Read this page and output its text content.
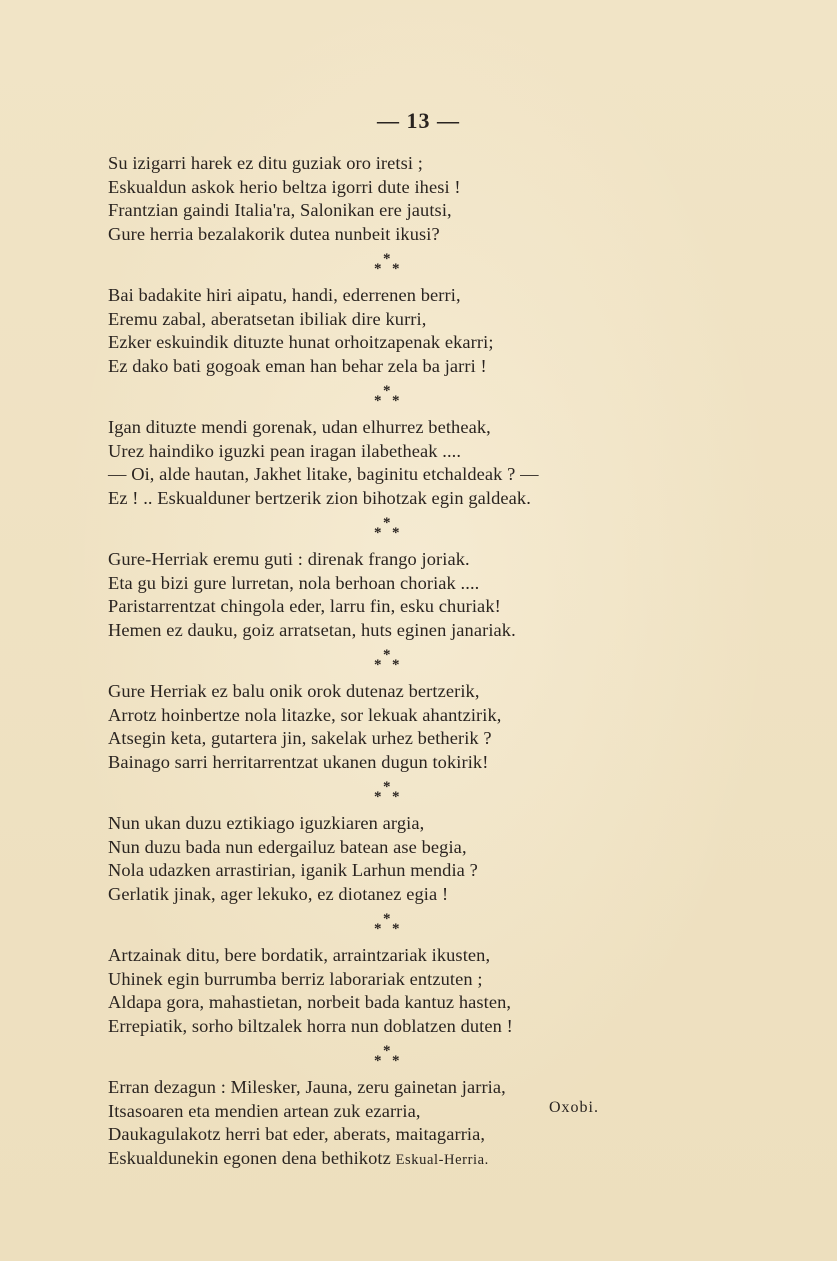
— 13 —
Su izigarri harek ez ditu guziak oro iretsi ;
Eskualdun askok herio beltza igorri dute ihesi !
Frantzian gaindi Italia'ra, Salonikan ere jautsi,
Gure herria bezalakorik dutea nunbeit ikusi?
*
* *
Bai badakite hiri aipatu, handi, ederrenen berri,
Eremu zabal, aberatsetan ibiliak dire kurri,
Ezker eskuindik dituzte hunat orhoitzapenak ekarri;
Ez dako bati gogoak eman han behar zela ba jarri !
*
* *
Igan dituzte mendi gorenak, udan elhurrez betheak,
Urez haindiko iguzki pean iragan ilabetheak ....
— Oi, alde hautan, Jakhet litake, baginitu etchaldeak ? —
Ez ! .. Eskualduner bertzerik zion bihotzak egin galdeak.
*
* *
Gure-Herriak eremu guti : direnak frango joriak.
Eta gu bizi gure lurretan, nola berhoan choriak ....
Paristarrentzat chingola eder, larru fin, esku churiak!
Hemen ez dauku, goiz arratsetan, huts eginen janariak.
*
* *
Gure Herriak ez balu onik orok dutenaz bertzerik,
Arrotz hoinbertze nola litazke, sor lekuak ahantzirik,
Atsegin keta, gutartera jin, sakelak urhez betherik ?
Bainago sarri herritarrentzat ukanen dugun tokirik!
*
* *
Nun ukan duzu eztikiago iguzkiaren argia,
Nun duzu bada nun edergailuz batean ase begia,
Nola udazken arrastirian, iganik Larhun mendia ?
Gerlatik jinak, ager lekuko, ez diotanez egia !
*
* *
Artzainak ditu, bere bordatik, arraintzariak ikusten,
Uhinek egin burrumba berriz laborariak entzuten ;
Aldapa gora, mahastietan, norbeit bada kantuz hasten,
Errepiatik, sorho biltzalek horra nun doblatzen duten !
*
* *
Erran dezagun : Milesker, Jauna, zeru gainetan jarria,
Itsasoaren eta mendien artean zuk ezarria,
Daukagulakotz herri bat eder, aberats, maitagarria,
Eskualdunekin egonen dena bethikotz Eskual-Herria.
Oxobi.
